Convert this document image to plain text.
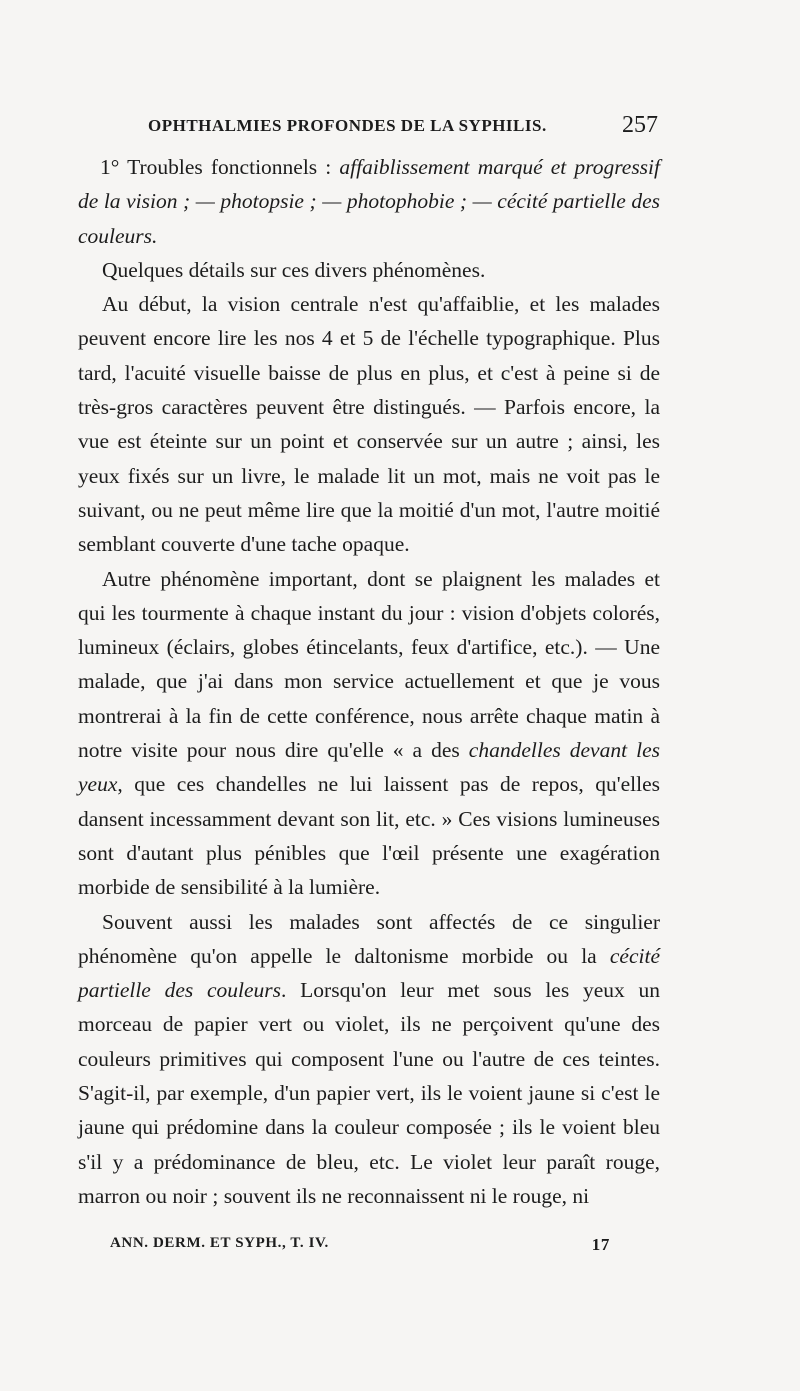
OPHTHALMIES PROFONDES DE LA SYPHILIS.	257

1° Troubles fonctionnels : affaiblissement marqué et progressif de la vision ; — photopsie ; — photophobie ; — cécité partielle des couleurs.

Quelques détails sur ces divers phénomènes.

Au début, la vision centrale n'est qu'affaiblie, et les malades peuvent encore lire les nos 4 et 5 de l'échelle typographique. Plus tard, l'acuité visuelle baisse de plus en plus, et c'est à peine si de très-gros caractères peuvent être distingués. — Parfois encore, la vue est éteinte sur un point et conservée sur un autre ; ainsi, les yeux fixés sur un livre, le malade lit un mot, mais ne voit pas le suivant, ou ne peut même lire que la moitié d'un mot, l'autre moitié semblant couverte d'une tache opaque.

Autre phénomène important, dont se plaignent les malades et qui les tourmente à chaque instant du jour : vision d'objets colorés, lumineux (éclairs, globes étincelants, feux d'artifice, etc.). — Une malade, que j'ai dans mon service actuellement et que je vous montrerai à la fin de cette conférence, nous arrête chaque matin à notre visite pour nous dire qu'elle « a des chandelles devant les yeux, que ces chandelles ne lui laissent pas de repos, qu'elles dansent incessamment devant son lit, etc. » Ces visions lumineuses sont d'autant plus pénibles que l'œil présente une exagération morbide de sensibilité à la lumière.

Souvent aussi les malades sont affectés de ce singulier phénomène qu'on appelle le daltonisme morbide ou la cécité partielle des couleurs. Lorsqu'on leur met sous les yeux un morceau de papier vert ou violet, ils ne perçoivent qu'une des couleurs primitives qui composent l'une ou l'autre de ces teintes. S'agit-il, par exemple, d'un papier vert, ils le voient jaune si c'est le jaune qui prédomine dans la couleur composée ; ils le voient bleu s'il y a prédominance de bleu, etc. Le violet leur paraît rouge, marron ou noir ; souvent ils ne reconnaissent ni le rouge, ni

ANN. DERM. ET SYPH., T. IV.	17
